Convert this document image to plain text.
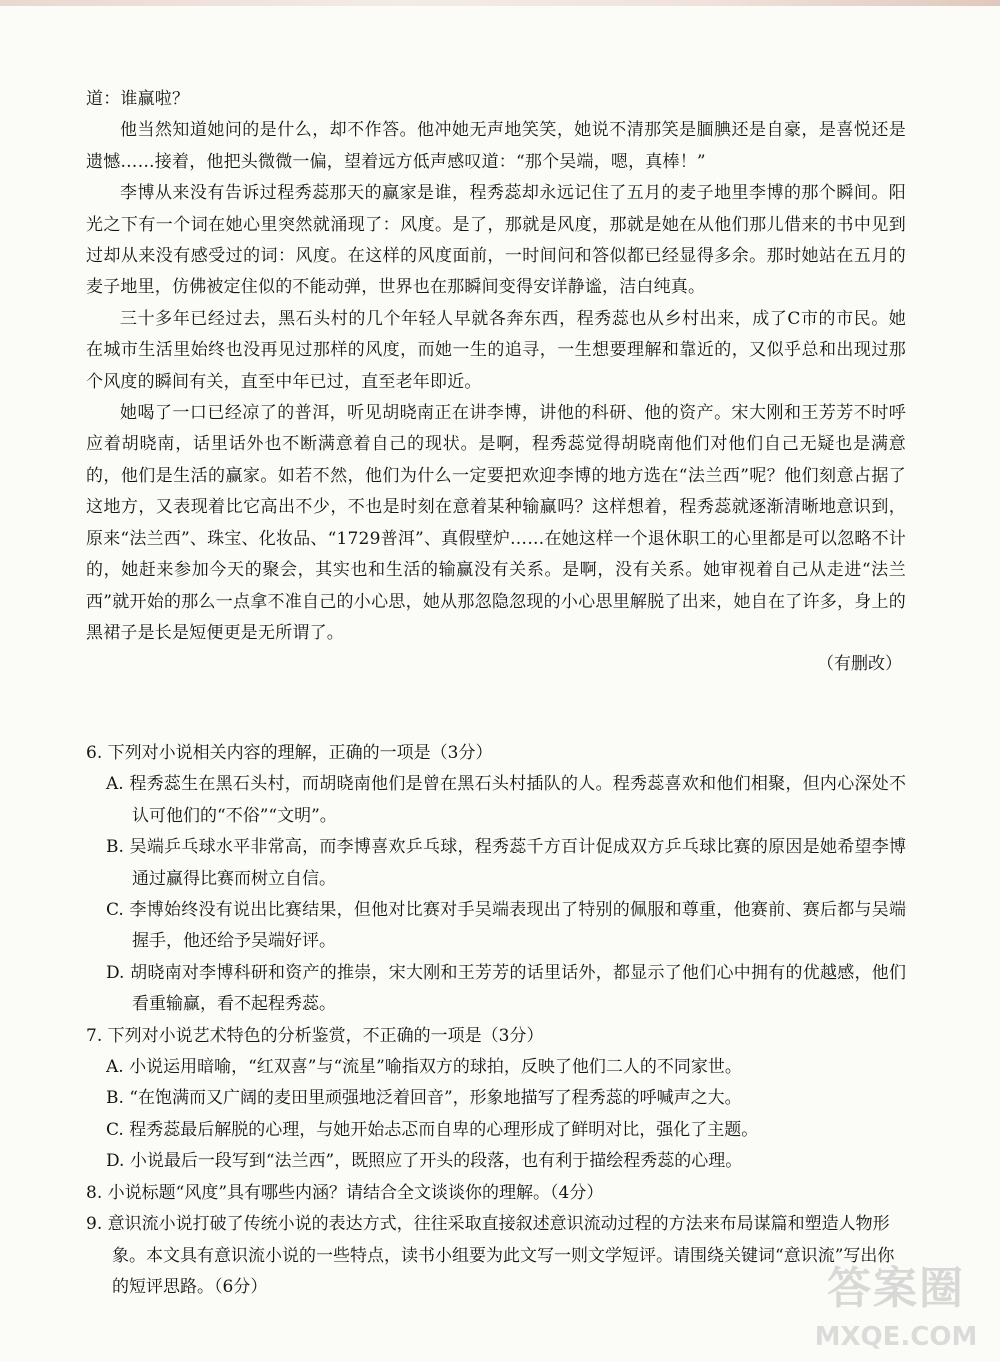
道：谁赢啦？

他当然知道她问的是什么，却不作答。他冲她无声地笑笑，她说不清那笑是腼腆还是自豪，是喜悦还是遗憾……接着，他把头微微一偏，望着远方低声感叹道：“那个吴端，嗯，真棒！”

李博从来没有告诉过程秀蕊那天的赢家是谁，程秀蕊却永远记住了五月的麦子地里李博的那个瞬间。阳光之下有一个词在她心里突然就涌现了：风度。是了，那就是风度，那就是她在从他们那儿借来的书中见到过却从来没有感受过的词：风度。在这样的风度面前，一时间问和答似都已经显得多余。那时她站在五月的麦子地里，仿佛被定住似的不能动弹，世界也在那瞬间变得安详静谧，洁白纯真。

三十多年已经过去，黑石头村的几个年轻人早就各奔东西，程秀蕊也从乡村出来，成了C市的市民。她在城市生活里始终也没再见过那样的风度，而她一生的追寻，一生想要理解和靠近的，又似乎总和出现过那个风度的瞬间有关，直至中年已过，直至老年即近。

她喝了一口已经凉了的普洱，听见胡晓南正在讲李博，讲他的科研、他的资产。宋大刚和王芳芳不时呼应着胡晓南，话里话外也不断满意着自己的现状。是啊，程秀蕊觉得胡晓南他们对他们自己无疑也是满意的，他们是生活的赢家。如若不然，他们为什么一定要把欢迎李博的地方选在“法兰西”呢？他们刻意占据了这地方，又表现着比它高出不少，不也是时刻在意着某种输赢吗？这样想着，程秀蕊就逐渐清晰地意识到，原来“法兰西”、珠宝、化妆品、“1729普洱”、真假壁炉……在她这样一个退休职工的心里都是可以忽略不计的，她赶来参加今天的聚会，其实也和生活的输赢没有关系。是啊，没有关系。她审视着自己从走进“法兰西”就开始的那么一点拿不准自己的小心思，她从那忽隐忽现的小心思里解脱了出来，她自在了许多，身上的黑裙子是长是短便更是无所谓了。

（有删改）

6. 下列对小说相关内容的理解，正确的一项是（3分）

A. 程秀蕊生在黑石头村，而胡晓南他们是曾在黑石头村插队的人。程秀蕊喜欢和他们相聚，但内心深处不认可他们的“不俗”“文明”。

B. 吴端乒乓球水平非常高，而李博喜欢乒乓球，程秀蕊千方百计促成双方乒乓球比赛的原因是她希望李博通过赢得比赛而树立自信。

C. 李博始终没有说出比赛结果，但他对比赛对手吴端表现出了特别的佩服和尊重，他赛前、赛后都与吴端握手，他还给予吴端好评。

D. 胡晓南对李博科研和资产的推崇，宋大刚和王芳芳的话里话外，都显示了他们心中拥有的优越感，他们看重输赢，看不起程秀蕊。

7. 下列对小说艺术特色的分析鉴赏，不正确的一项是（3分）

A. 小说运用暗喻，“红双喜”与“流星”喻指双方的球拍，反映了他们二人的不同家世。

B. “在饱满而又广阔的麦田里顽强地泛着回音”，形象地描写了程秀蕊的呼喊声之大。

C. 程秀蕊最后解脱的心理，与她开始忐忑而自卑的心理形成了鲜明对比，强化了主题。

D. 小说最后一段写到“法兰西”，既照应了开头的段落，也有利于描绘程秀蕊的心理。

8. 小说标题“风度”具有哪些内涵？请结合全文谈谈你的理解。（4分）

9. 意识流小说打破了传统小说的表达方式，往往采取直接叙述意识流动过程的方法来布局谋篇和塑造人物形象。本文具有意识流小说的一些特点，读书小组要为此文写一则文学短评。请围绕关键词“意识流”写出你的短评思路。（6分）	答案圈
MXQE.COM
